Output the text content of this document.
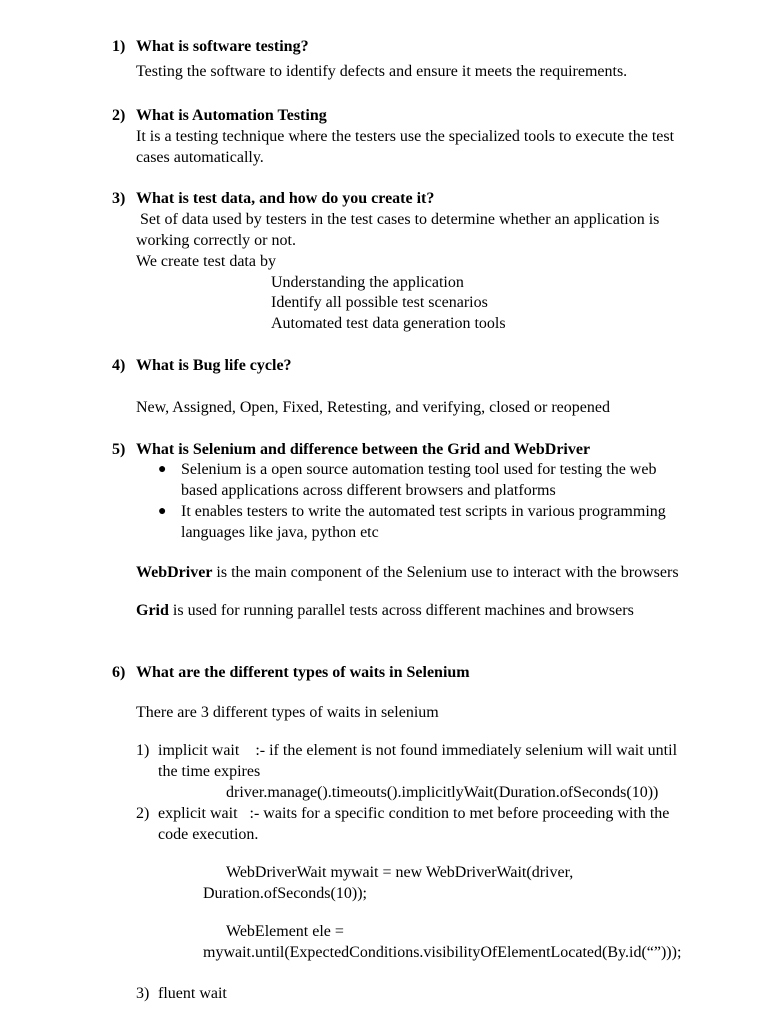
1) What is software testing?
Testing the software to identify defects and ensure it meets the requirements.
2) What is Automation Testing
It is a testing technique where the testers use the specialized tools to execute the test
cases automatically.
3) What is test data, and how do you create it?
Set of data used by testers in the test cases to determine whether an application is
working correctly or not.
We create test data by
Understanding the application
Identify all possible test scenarios
Automated test data generation tools
4) What is Bug life cycle?
New, Assigned, Open, Fixed, Retesting, and verifying, closed or reopened
5) What is Selenium and difference between the Grid and WebDriver
● Selenium is a open source automation testing tool used for testing the web
based applications across different browsers and platforms
● It enables testers to write the automated test scripts in various programming
languages like java, python etc
WebDriver is the main component of the Selenium use to interact with the browsers
Grid is used for running parallel tests across different machines and browsers
6) What are the different types of waits in Selenium
There are 3 different types of waits in selenium
1) implicit wait    :- if the element is not found immediately selenium will wait until
the time expires
driver.manage().timeouts().implicitlyWait(Duration.ofSeconds(10))
2) explicit wait   :- waits for a specific condition to met before proceeding with the
code execution.
WebDriverWait mywait = new WebDriverWait(driver,
Duration.ofSeconds(10));
WebElement ele =
mywait.until(ExpectedConditions.visibilityOfElementLocated(By.id(“”)));
3) fluent wait
